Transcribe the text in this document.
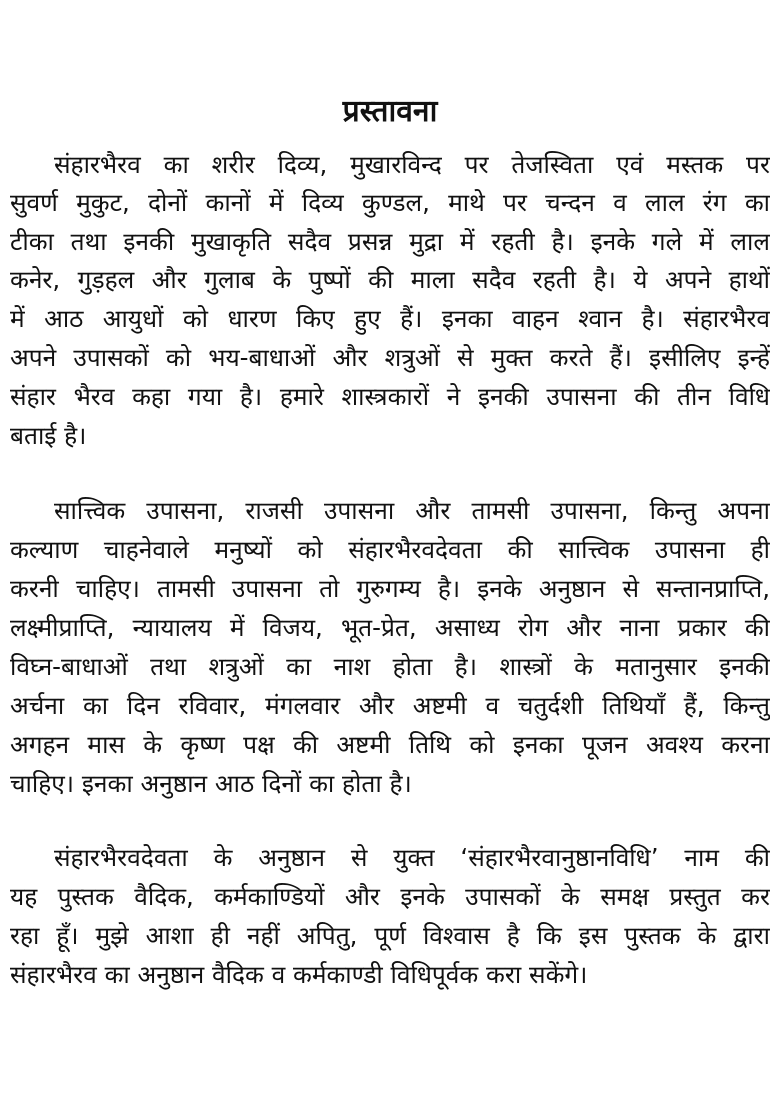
प्रस्तावना

संहारभैरव का शरीर दिव्य, मुखारविन्द पर तेजस्विता एवं मस्तक पर

सुवर्ण मुकुट, दोनों कानों में दिव्य कुण्डल, माथे पर चन्दन व लाल रंग का

टीका तथा इनकी मुखाकृति सदैव प्रसन्न मुद्रा में रहती है। इनके गले में लाल

कनेर, गुड़हल और गुलाब के पुष्पों की माला सदैव रहती है। ये अपने हाथों

में आठ आयुधों को धारण किए हुए हैं। इनका वाहन श्वान है। संहारभैरव

अपने उपासकों को भय-बाधाओं और शत्रुओं से मुक्त करते हैं। इसीलिए इन्हें

संहार भैरव कहा गया है। हमारे शास्त्रकारों ने इनकी उपासना की तीन विधि

बताई है।

सात्त्विक उपासना, राजसी उपासना और तामसी उपासना, किन्तु अपना

कल्याण चाहनेवाले मनुष्यों को संहारभैरवदेवता की सात्त्विक उपासना ही

करनी चाहिए। तामसी उपासना तो गुरुगम्य है। इनके अनुष्ठान से सन्तानप्राप्ति,

लक्ष्मीप्राप्ति, न्यायालय में विजय, भूत-प्रेत, असाध्य रोग और नाना प्रकार की

विघ्न-बाधाओं तथा शत्रुओं का नाश होता है। शास्त्रों के मतानुसार इनकी

अर्चना का दिन रविवार, मंगलवार और अष्टमी व चतुर्दशी तिथियाँ हैं, किन्तु

अगहन मास के कृष्ण पक्ष की अष्टमी तिथि को इनका पूजन अवश्य करना

चाहिए। इनका अनुष्ठान आठ दिनों का होता है।

संहारभैरवदेवता के अनुष्ठान से युक्त ‘संहारभैरवानुष्ठानविधि’ नाम की

यह पुस्तक वैदिक, कर्मकाण्डियों और इनके उपासकों के समक्ष प्रस्तुत कर

रहा हूँ। मुझे आशा ही नहीं अपितु, पूर्ण विश्वास है कि इस पुस्तक के द्वारा

संहारभैरव का अनुष्ठान वैदिक व कर्मकाण्डी विधिपूर्वक करा सकेंगे।
